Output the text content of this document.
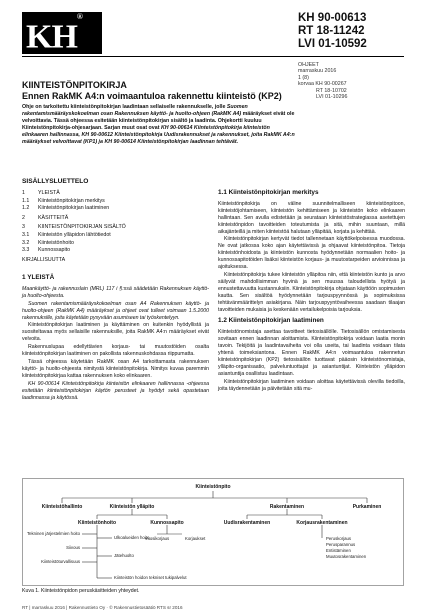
KH®	KH 90-00613
RT 18-11242
LVI 01-10592
OHJEET
marraskuu 2016
1 (8)
korvaa KH 90-00267
RT 18-10702
LVI 01-10296
KIINTEISTÖNPITOKIRJA
Ennen RakMK A4:n voimaantuloa rakennettu kiinteistö (KP2)
Ohje on tarkoitettu kiinteistönpitokirjan laadintaan sellaiselle rakennukselle, jolle Suomen rakentamismääräyskokoelman osan Rakennuksen käyttö- ja huolto-ohjeen (RakMK A4) määräykset eivät ole velvoittavia. Tässä ohjeessa esitetään kiinteistönpitokirjan sisältö ja laadinta. Ohjekortti kuuluu Kiinteistönpitokirja-ohjesarjaan. Sarjan muut osat ovat KH 90-00614 Kiinteistönpitokirja kiinteistön elinkaaren hallinnassa, KH 90-00612 Kiinteistönpitokirja Uudisrakennukset ja rakennukset, joita RakMK A4:n määräykset velvoittavat (KP1) ja KH 90-00614 Kiinteistönpitokirjan laadinnan tehtävät.
SISÄLLYSLUETTELO
1 YLEISTÄ
1.1 Kiinteistönpitokirjan merkitys
1.2 Kiinteistönpitokirjan laatiminen
2 KÄSITTEITÄ
3 KIINTEISTÖNPITOKIRJAN SISÄLTÖ
3.1 Kiinteistön ylläpidon lähtötiedot
3.2 Kiinteistönhoito
3.3 Kunnossapito
KIRJALLISUUTTA
1 YLEISTÄ

Maankäyttö- ja rakennuslain (MRL) 117 i §:ssä säädetään Rakennuksen käyttö- ja huolto-ohjeesta.

Suomen rakentamismääräyskokoelman osan A4 Rakennuksen käyttö- ja huolto-ohjeen (RakMK A4) määräykset ja ohjeet ovat tulleet voimaan 1.5.2000 rakennuksille, joita käytetään pysyvään asumiseen tai työskentelyyn.

Kiinteistönpitokirjan laatiminen ja käyttäminen on kuitenkin hyödyllistä ja suositeltavaa myös sellaisille rakennuksille, joita RakMK A4:n määräykset eivät velvoita.

Rakennuslupaa edellyttävien korjaus- tai muutostöiden osalta kiinteistönpitokirjan laatiminen on pakollista rakennuskohdassa riippumatta.

Tässä ohjeessa käytetään RakMK osan A4 tarkoittamasta rakennuksen käyttö- ja huolto-ohjeesta nimitystä kiinteistönpitokirja. Nimitys kuvaa paremmin kiinteistönpitokirjaa kattaa rakennuksen koko elinkaaren.

KH 90-00614 Kiinteistönpitokirja kiinteistön elinkaaren hallinnassa -ohjeessa esitetään kiinteistönpitokirjan käytön perusteet ja hyödyt sekä opastetaan laadinnassa ja käytössä.

1.1 Kiinteistönpitokirjan merkitys

Kiinteistönpitokirja on väline suunnitelmalliseen kiinteistönpitoon, kiinteistöjohtamiseen, kiinteistön kehittämiseen ja kiinteistön koko elinkaaren hallintaan. Sen avulla edistetään ja seurataan kiinteistöstrategiassa asetettujen kiinteistönpidon tavoitteiden toteutumista ja sitä, mihin suuntaan, millä aikajänteillä ja miten kiinteistöä halutaan ylläpitää, korjata ja kehittää.

Kiinteistönpitokirjan kertyvät tiedot tallennetaan käyttökelpoisessa muodossa. Ne ovat jatkossa koko ajan käytettävissä ja ohjaavat kiinteistönpitoa. Tietoja kiinteistönhoidosta ja kiinteistön kunnosta hyödynnetään normaalien hoito- ja kunnossapitotöiden lisäksi kiinteistön korjaus- ja muutostarpeiden arvioinnissa ja ajoituksessa.

Kiinteistönpitokirja tukee kiinteistön ylläpitoa niin, että kiinteistön kunto ja arvo säilyvät mahdollisimman hyvinä ja sen muussa taloudellista hyötyä ja ennustettavuutta kustannuksiin. Kiinteistönpitokirja ohjataan käyttöön sopimusten kautta. Sen sisältöä hyödynnetään tarjouspyynnössä ja sopimuksissa tehtävänmäärittelyn asiakirjana. Näin tarjouspyyntövaiheessa saadaan tilaajan tavoitteiden mukaisia ja keskenään vertailukelpoisia tarjouksia.

1.2 Kiinteistönpitokirjan laatiminen

Kiinteistönomistaja asettaa tavoitteet tietosisällölle. Tietosisällön omistamisesta sovitaan ennen laadinnan aloittamista. Kiinteistönpitokirja voidaan laatia monin tavoin. Tekijöitä ja laadintavaiheita voi olla useita, tai laadinta voidaan tilata yhtenä toimeksiantona. Ennen RakMK A4:n voimaantuloa rakennetun kiinteistönpitokirjan (KP2) tietosisällön tuottavat pääosin kiinteistönomistaja, ylläpito-organisaatio, palveluntuottajat ja asiantuntijat. Kiinteistön ylläpidon asiantuntija osallistuu laadintaan.

Kiinteistönpitokirjan laatiminen voidaan aloittaa käytettävissä olevilla tiedoilla, joita täydennetään ja päivitetään sitä mu-

Kiinteistönpito
Kiinteistöhallinto	Kiinteistön ylläpito	Rakentaminen	Purkaminen
Kiinteistönhoito	Kunnossapito	Uudisrakentaminen	Korjausrakentaminen
Tekninen järjestelmien hoito
Ulkoalueiden hoito
Siivous
Jätehuolto
Kiinteistöturvallisuus
Kiinteistön hoidon tekniset tukipalvelut
Vuosikorjaus	Korjaukset	Peruskorjaus
Perusparannus
Entistäminen
Muutosrakentaminen
Kuva 1. Kiinteistönpidon peruskäsitteiden yhteydet.
RT | marraskuu 2016 | Rakennustieto Oy · © Rakennustietosäätiö RTS sr 2016
